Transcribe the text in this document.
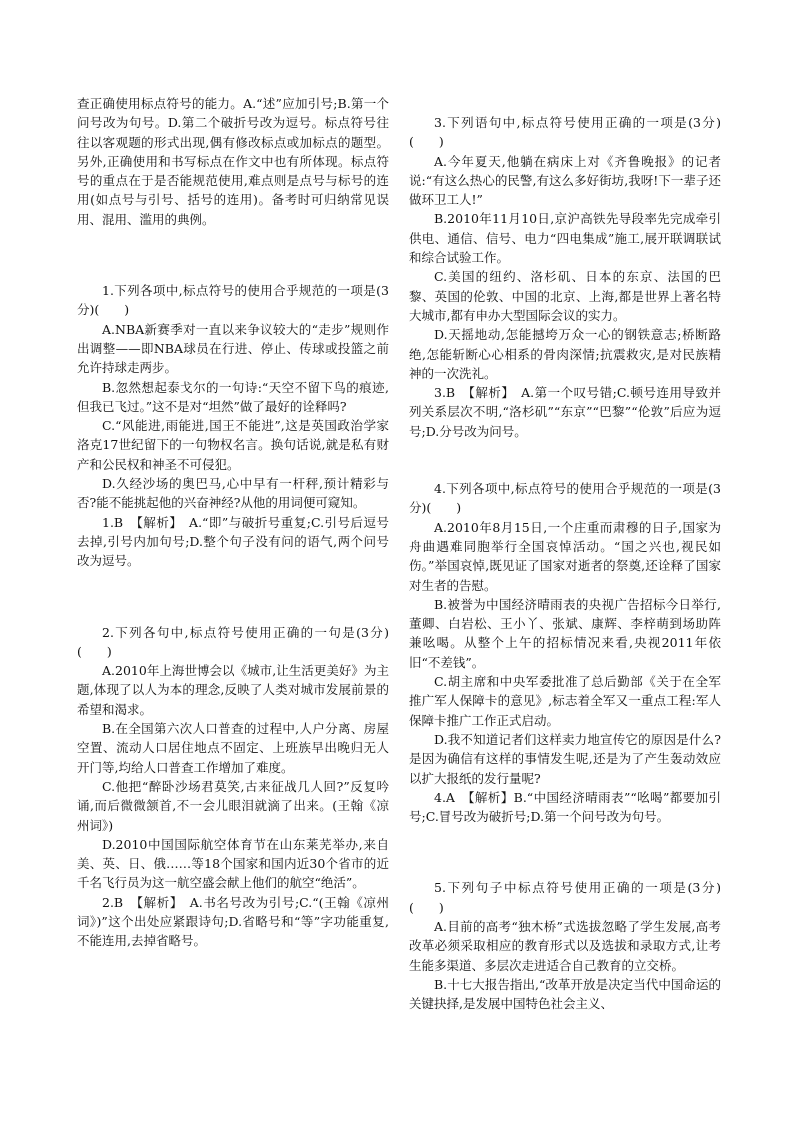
查正确使用标点符号的能力。A.“述”应加引号;B.第一个问号改为句号。D.第二个破折号改为逗号。标点符号往往以客观题的形式出现,偶有修改标点或加标点的题型。另外,正确使用和书写标点在作文中也有所体现。标点符号的重点在于是否能规范使用,难点则是点号与标号的连用(如点号与引号、括号的连用)。备考时可归纳常见误用、混用、滥用的典例。

1.下列各项中,标点符号的使用合乎规范的一项是(3分)(　　)

A.NBA新赛季对一直以来争议较大的“走步”规则作出调整——即NBA球员在行进、停止、传球或投篮之前允许持球走两步。

B.忽然想起泰戈尔的一句诗:“天空不留下鸟的痕迹,但我已飞过。”这不是对“坦然”做了最好的诠释吗?

C.“风能进,雨能进,国王不能进”,这是英国政治学家洛克17世纪留下的一句物权名言。换句话说,就是私有财产和公民权和神圣不可侵犯。

D.久经沙场的奥巴马,心中早有一杆秤,预计精彩与否?能不能挑起他的兴奋神经?从他的用词便可窥知。

1.B　【解析】　A.“即”与破折号重复;C.引号后逗号去掉,引号内加句号;D.整个句子没有问的语气,两个问号改为逗号。

2.下列各句中,标点符号使用正确的一句是(3分)(　　)

A.2010年上海世博会以《城市,让生活更美好》为主题,体现了以人为本的理念,反映了人类对城市发展前景的希望和渴求。

B.在全国第六次人口普查的过程中,人户分离、房屋空置、流动人口居住地点不固定、上班族早出晚归无人开门等,均给人口普查工作增加了难度。

C.他把“醉卧沙场君莫笑,古来征战几人回?”反复吟诵,而后微微颔首,不一会儿眼泪就滴了出来。(王翰《凉州词》)

D.2010中国国际航空体育节在山东莱芜举办,来自美、英、日、俄……等18个国家和国内近30个省市的近千名飞行员为这一航空盛会献上他们的航空“绝活”。

2.B　【解析】　A.书名号改为引号;C.“(王翰《凉州词》)”这个出处应紧跟诗句;D.省略号和“等”字功能重复,不能连用,去掉省略号。

3.下列语句中,标点符号使用正确的一项是(3分)(　　)

A.今年夏天,他躺在病床上对《齐鲁晚报》的记者说:“有这么热心的民警,有这么多好街坊,我呀!下一辈子还做环卫工人!”

B.2010年11月10日,京沪高铁先导段率先完成牵引供电、通信、信号、电力“四电集成”施工,展开联调联试和综合试验工作。

C.美国的纽约、洛杉矶、日本的东京、法国的巴黎、英国的伦敦、中国的北京、上海,都是世界上著名特大城市,都有申办大型国际会议的实力。

D.天摇地动,怎能撼垮万众一心的钢铁意志;桥断路绝,怎能斩断心心相系的骨肉深情;抗震救灾,是对民族精神的一次洗礼。

3.B　【解析】　A.第一个叹号错;C.顿号连用导致并列关系层次不明,“洛杉矶”“东京”“巴黎”“伦敦”后应为逗号;D.分号改为问号。

4.下列各项中,标点符号的使用合乎规范的一项是(3分)(　　)

A.2010年8月15日,一个庄重而肃穆的日子,国家为舟曲遇难同胞举行全国哀悼活动。“国之兴也,视民如伤。”举国哀悼,既见证了国家对逝者的祭奠,还诠释了国家对生者的告慰。

B.被誉为中国经济晴雨表的央视广告招标今日举行,董卿、白岩松、王小丫、张斌、康辉、李梓萌到场助阵兼吆喝。从整个上午的招标情况来看,央视2011年依旧“不差钱”。

C.胡主席和中央军委批准了总后勤部《关于在全军推广军人保障卡的意见》,标志着全军又一重点工程:军人保障卡推广工作正式启动。

D.我不知道记者们这样卖力地宣传它的原因是什么?是因为确信有这样的事情发生呢,还是为了产生轰动效应以扩大报纸的发行量呢?

4.A　【解析】B.“中国经济晴雨表”“吆喝”都要加引号;C.冒号改为破折号;D.第一个问号改为句号。

5.下列句子中标点符号使用正确的一项是(3分)(　　)

A.目前的高考“独木桥”式选拔忽略了学生发展,高考改革必须采取相应的教育形式以及选拔和录取方式,让考生能多渠道、多层次走进适合自己教育的立交桥。

B.十七大报告指出,“改革开放是决定当代中国命运的关键抉择,是发展中国特色社会主义、
